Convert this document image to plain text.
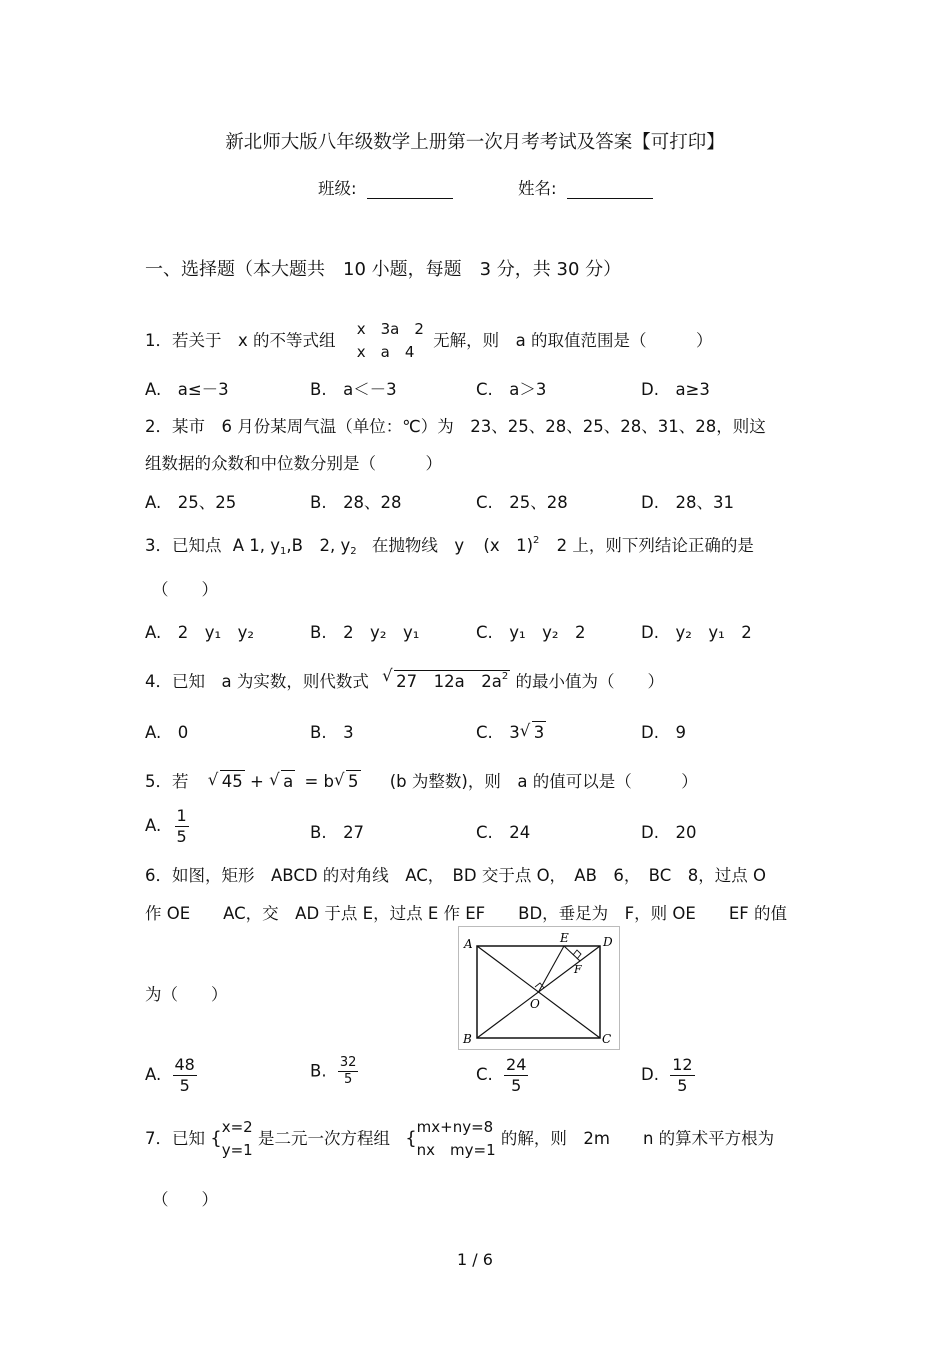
新北师大版八年级数学上册第一次月考考试及答案【可打印】
班级:	姓名:
一、选择题（本大题共　10 小题，每题　3 分，共 30 分）
1．若关于　x 的不等式组
x　3a　2
x　a　4
无解，则　a 的取值范围是（　　　）
A.　a≤－3	B.　a＜－3	C.　a＞3	D.　a≥3
2．某市　6 月份某周气温（单位：℃）为　23、25、28、25、28、31、28，则这
组数据的众数和中位数分别是（　　　）
A.　25、25	B.　28、28	C.　25、28	D.　28、31
3．已知点 A 1, $y_1,B$　2, $y_2$ 在抛物线　y (x　1)$^2$ 2 上，则下列结论正确的是
（　　）
A.　2　y₁　y₂	B.　2　y₂　y₁	C.　y₁　y₂　2	D.　y₂　y₁　2
4．已知　a 为实数，则代数式 √ 27　12a　$2a^2$ 的最小值为（　　）
A.　0	B.　3	C.　3 √ 3	D.　9
5．若 √ 45 + √ a = b √ 5 (b 为整数)，则　a 的值可以是（　　　）
A. $\frac{1}{5}$	B.　27	C.　24	D.　20
6．如图，矩形　ABCD 的对角线　AC，　BD 交于点 O，　AB　6，　BC　8，过点 O
作 OE　　AC，交　AD 于点 E，过点 E 作 EF　　BD，垂足为　F，则 OE　　EF 的值
为（　　）
A	E	D
F
O
B	C
A. $\frac{48}{5}$	B. $\frac{32}{5}$	C. $\frac{24}{5}$	D. $\frac{12}{5}$
7．已知 {
x=2
y=1
是二元一次方程组 {
mx+ny=8
nx　my=1
的解，则　2m　　n 的算术平方根为
（　　）
1 / 6
